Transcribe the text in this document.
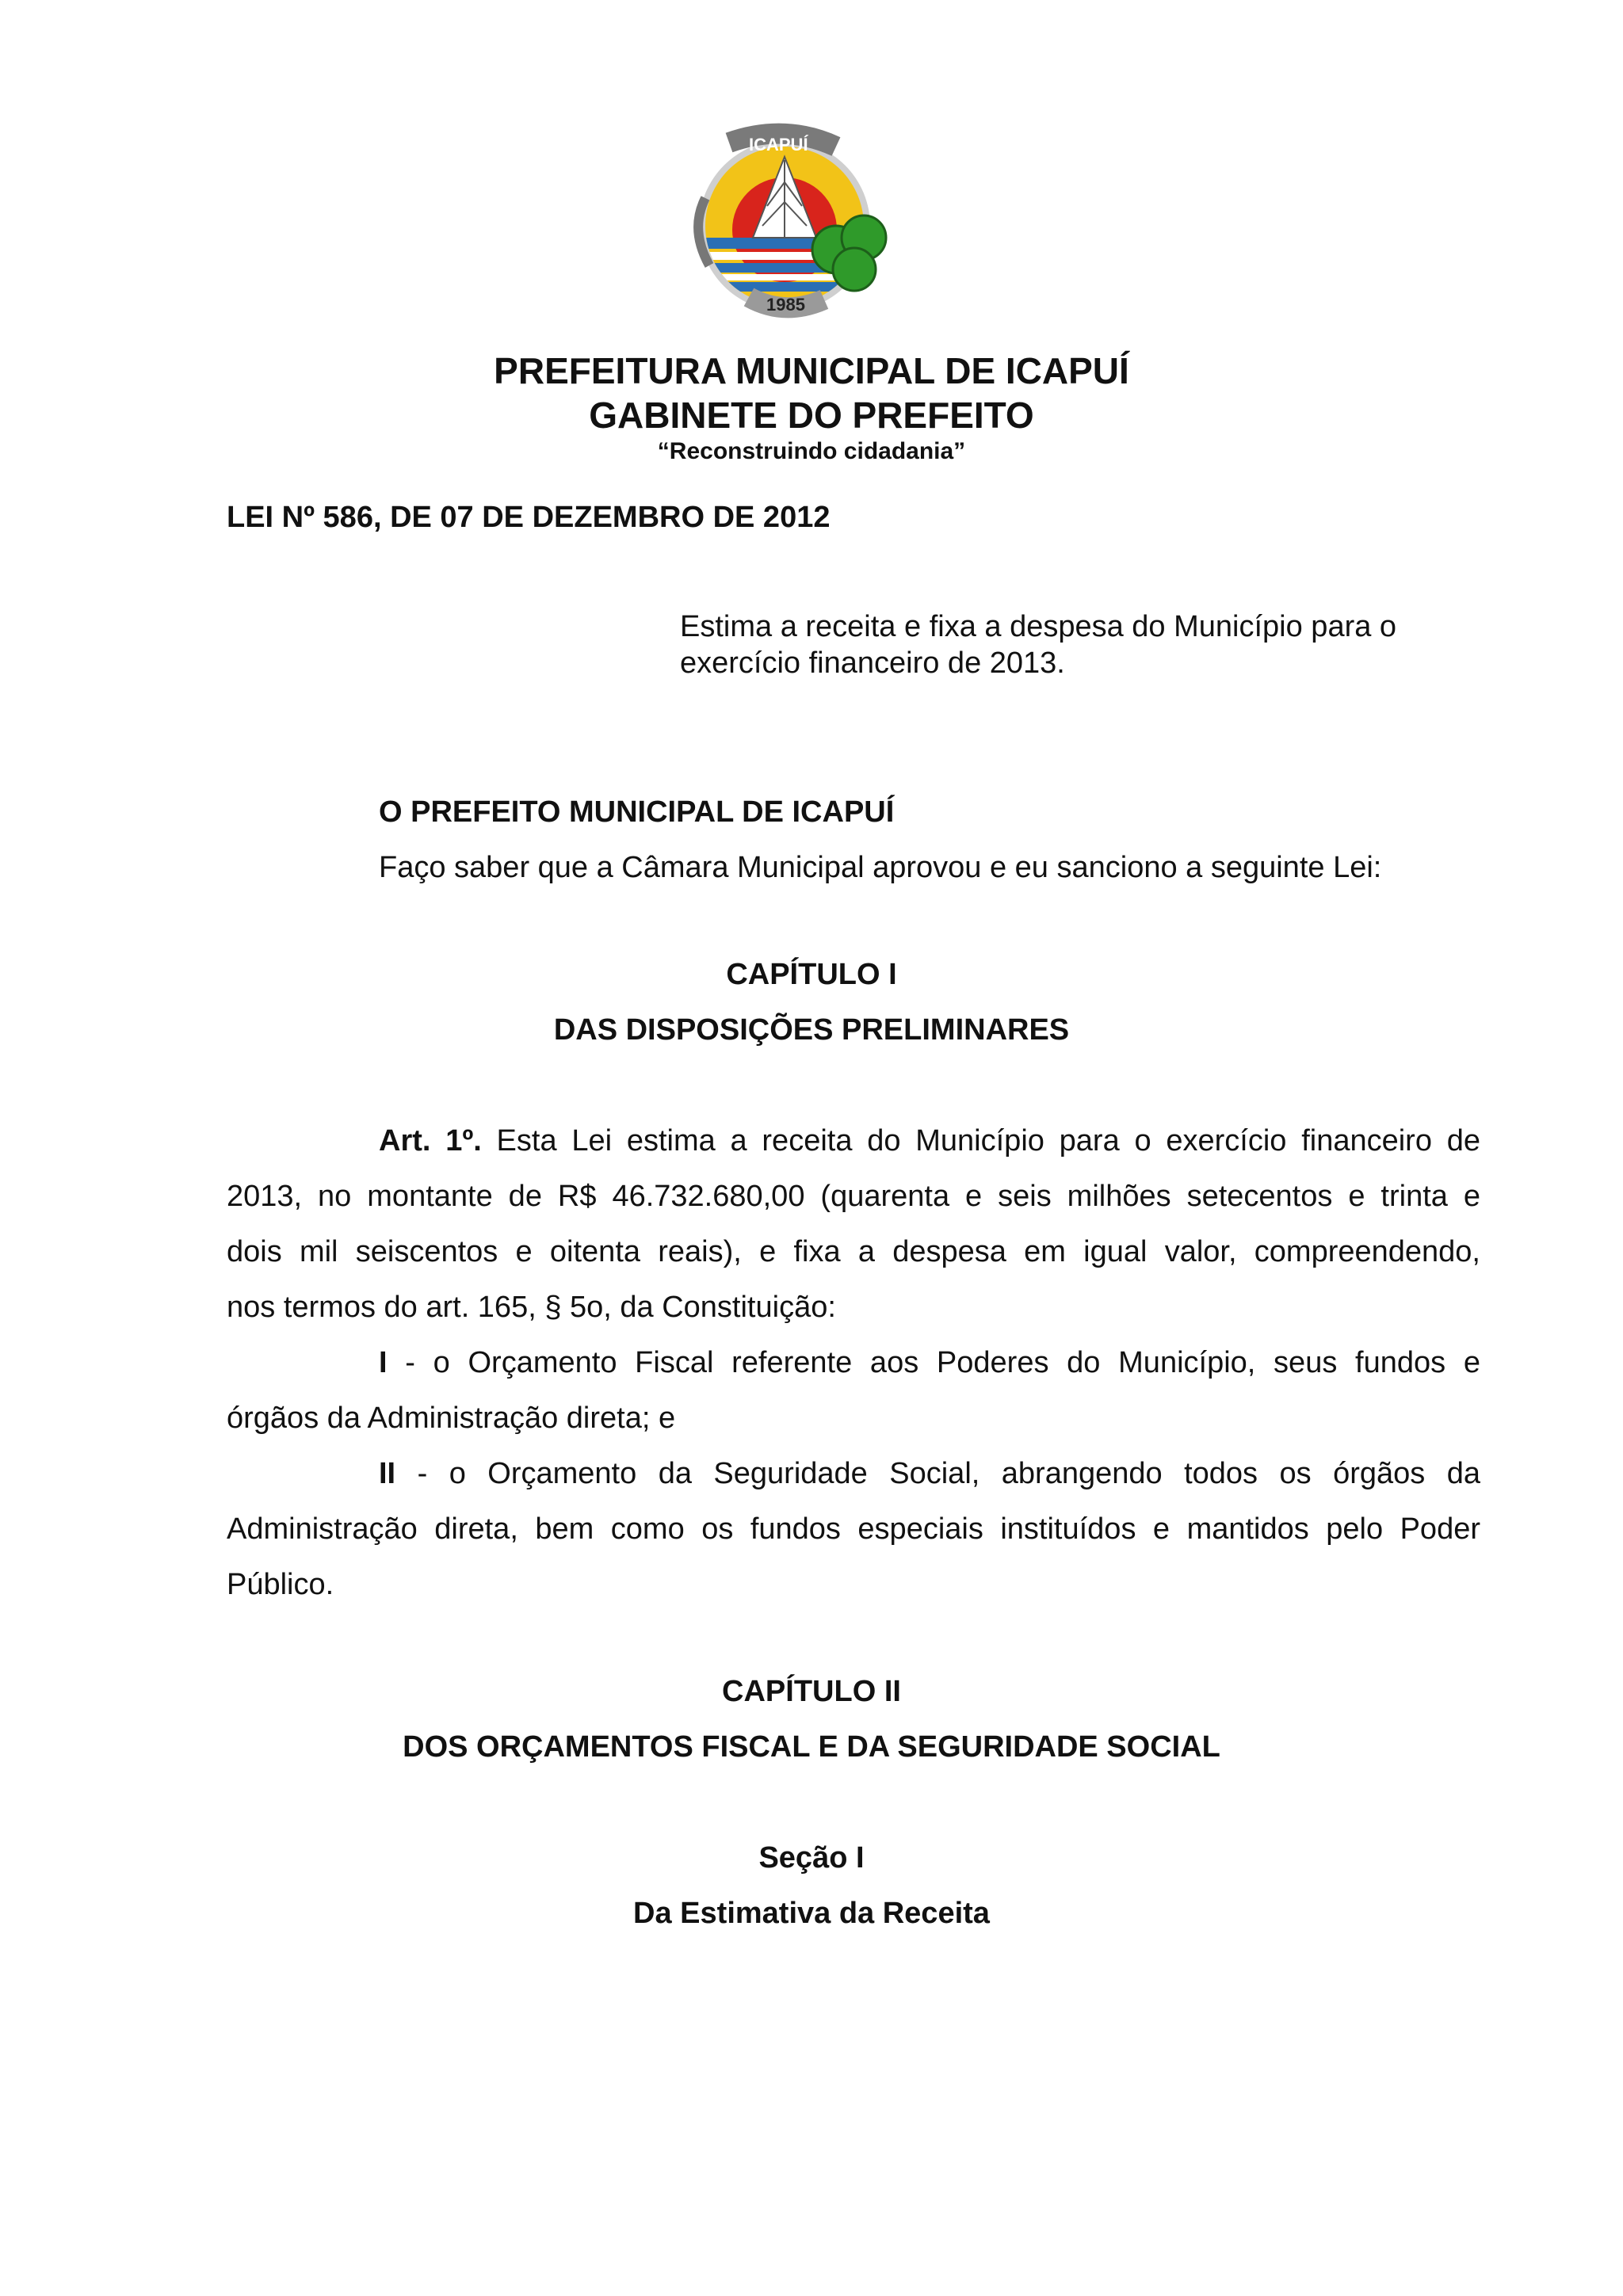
ICAPUÍ
1985
PREFEITURA MUNICIPAL DE ICAPUÍ
GABINETE DO PREFEITO
“Reconstruindo cidadania”
LEI Nº 586, DE 07 DE DEZEMBRO DE 2012

Estima a receita e fixa a despesa do Município para o

exercício financeiro de 2013.

O PREFEITO MUNICIPAL DE ICAPUÍ
Faço saber que a Câmara Municipal aprovou e eu sanciono a seguinte Lei:
CAPÍTULO I
DAS DISPOSIÇÕES PRELIMINARES
Art. 1º. Esta Lei estima a receita do Município para o exercício financeiro de
2013, no montante de R$ 46.732.680,00 (quarenta e seis milhões setecentos e trinta e
dois mil seiscentos e oitenta reais), e fixa a despesa em igual valor, compreendendo,
nos termos do art. 165, § 5o, da Constituição:
I - o Orçamento Fiscal referente aos Poderes do Município, seus fundos e
órgãos da Administração direta; e
II - o Orçamento da Seguridade Social, abrangendo todos os órgãos da
Administração direta, bem como os fundos especiais instituídos e mantidos pelo Poder
Público.
CAPÍTULO II
DOS ORÇAMENTOS FISCAL E DA SEGURIDADE SOCIAL
Seção I
Da Estimativa da Receita
